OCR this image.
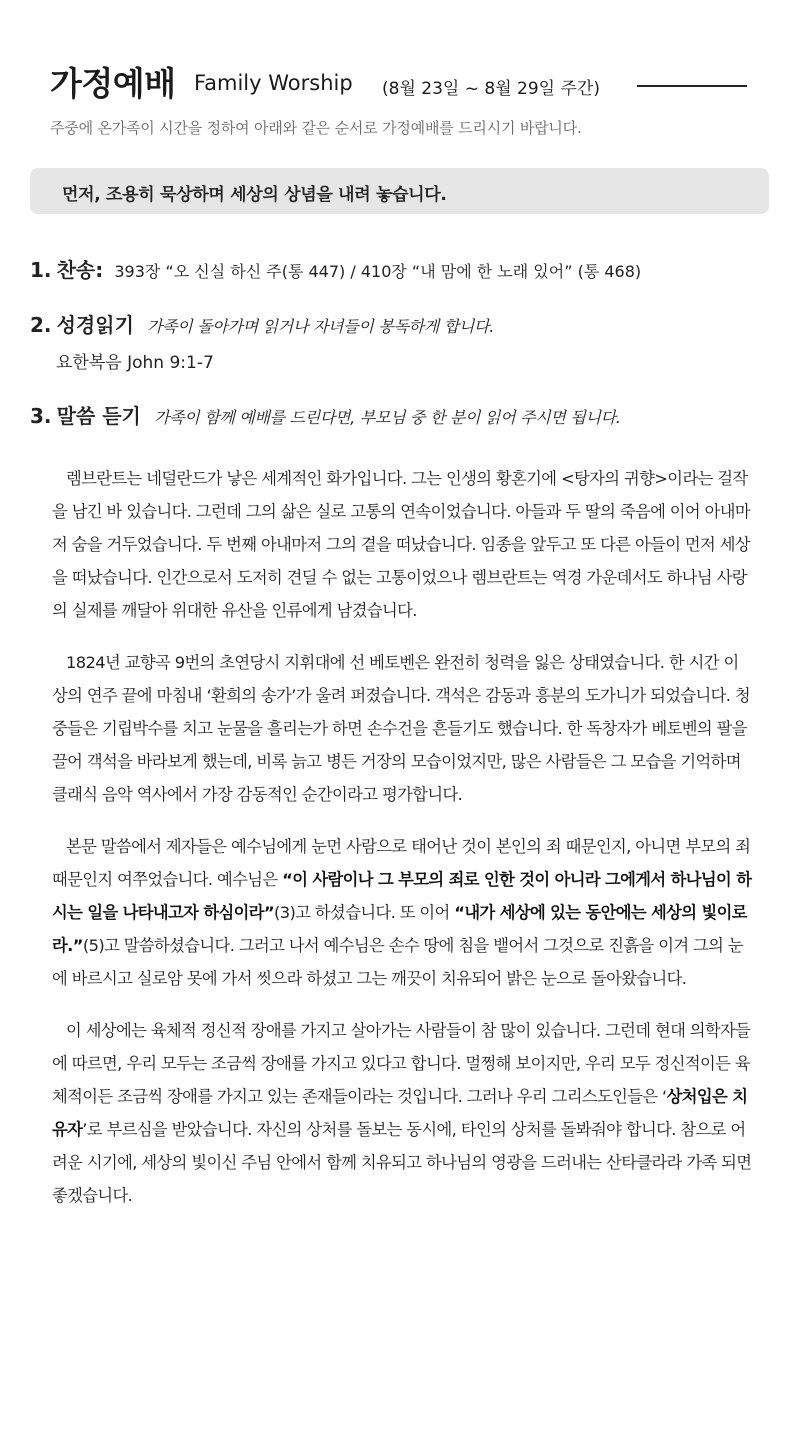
가정예배 Family Worship (8월 23일 ~ 8월 29일 주간)
주중에 온가족이 시간을 정하여 아래와 같은 순서로 가정예배를 드리시기 바랍니다.
먼저, 조용히 묵상하며 세상의 상념을 내려 놓습니다.
1. 찬송: 393장 “오 신실 하신 주(통 447) / 410장 “내 맘에 한 노래 있어” (통 468)
2. 성경읽기 가족이 돌아가며 읽거나 자녀들이 봉독하게 합니다.
요한복음 John 9:1-7
3. 말씀 듣기 가족이 함께 예배를 드린다면, 부모님 중 한 분이 읽어 주시면 됩니다.

렘브란트는 네덜란드가 낳은 세계적인 화가입니다. 그는 인생의 황혼기에 <탕자의 귀향>이라는 걸작을 남긴 바 있습니다. 그런데 그의 삶은 실로 고통의 연속이었습니다. 아들과 두 딸의 죽음에 이어 아내마저 숨을 거두었습니다. 두 번째 아내마저 그의 곁을 떠났습니다. 임종을 앞두고 또 다른 아들이 먼저 세상을 떠났습니다. 인간으로서 도저히 견딜 수 없는 고통이었으나 렘브란트는 역경 가운데서도 하나님 사랑의 실제를 깨달아 위대한 유산을 인류에게 남겼습니다.

1824년 교향곡 9번의 초연당시 지휘대에 선 베토벤은 완전히 청력을 잃은 상태였습니다. 한 시간 이상의 연주 끝에 마침내 ‘환희의 송가’가 울려 퍼졌습니다. 객석은 감동과 흥분의 도가니가 되었습니다. 청중들은 기립박수를 치고 눈물을 흘리는가 하면 손수건을 흔들기도 했습니다. 한 독창자가 베토벤의 팔을 끌어 객석을 바라보게 했는데, 비록 늙고 병든 거장의 모습이었지만, 많은 사람들은 그 모습을 기억하며 클래식 음악 역사에서 가장 감동적인 순간이라고 평가합니다.

본문 말씀에서 제자들은 예수님에게 눈먼 사람으로 태어난 것이 본인의 죄 때문인지, 아니면 부모의 죄 때문인지 여쭈었습니다. 예수님은 “이 사람이나 그 부모의 죄로 인한 것이 아니라 그에게서 하나님이 하시는 일을 나타내고자 하심이라”(3)고 하셨습니다. 또 이어 “내가 세상에 있는 동안에는 세상의 빛이로라.”(5)고 말씀하셨습니다. 그러고 나서 예수님은 손수 땅에 침을 뱉어서 그것으로 진흙을 이겨 그의 눈에 바르시고 실로암 못에 가서 씻으라 하셨고 그는 깨끗이 치유되어 밝은 눈으로 돌아왔습니다.

이 세상에는 육체적 정신적 장애를 가지고 살아가는 사람들이 참 많이 있습니다. 그런데 현대 의학자들에 따르면, 우리 모두는 조금씩 장애를 가지고 있다고 합니다. 멀쩡해 보이지만, 우리 모두 정신적이든 육체적이든 조금씩 장애를 가지고 있는 존재들이라는 것입니다. 그러나 우리 그리스도인들은 ‘상처입은 치유자’로 부르심을 받았습니다. 자신의 상처를 돌보는 동시에, 타인의 상처를 돌봐줘야 합니다. 참으로 어려운 시기에, 세상의 빛이신 주님 안에서 함께 치유되고 하나님의 영광을 드러내는 산타클라라 가족 되면 좋겠습니다.
